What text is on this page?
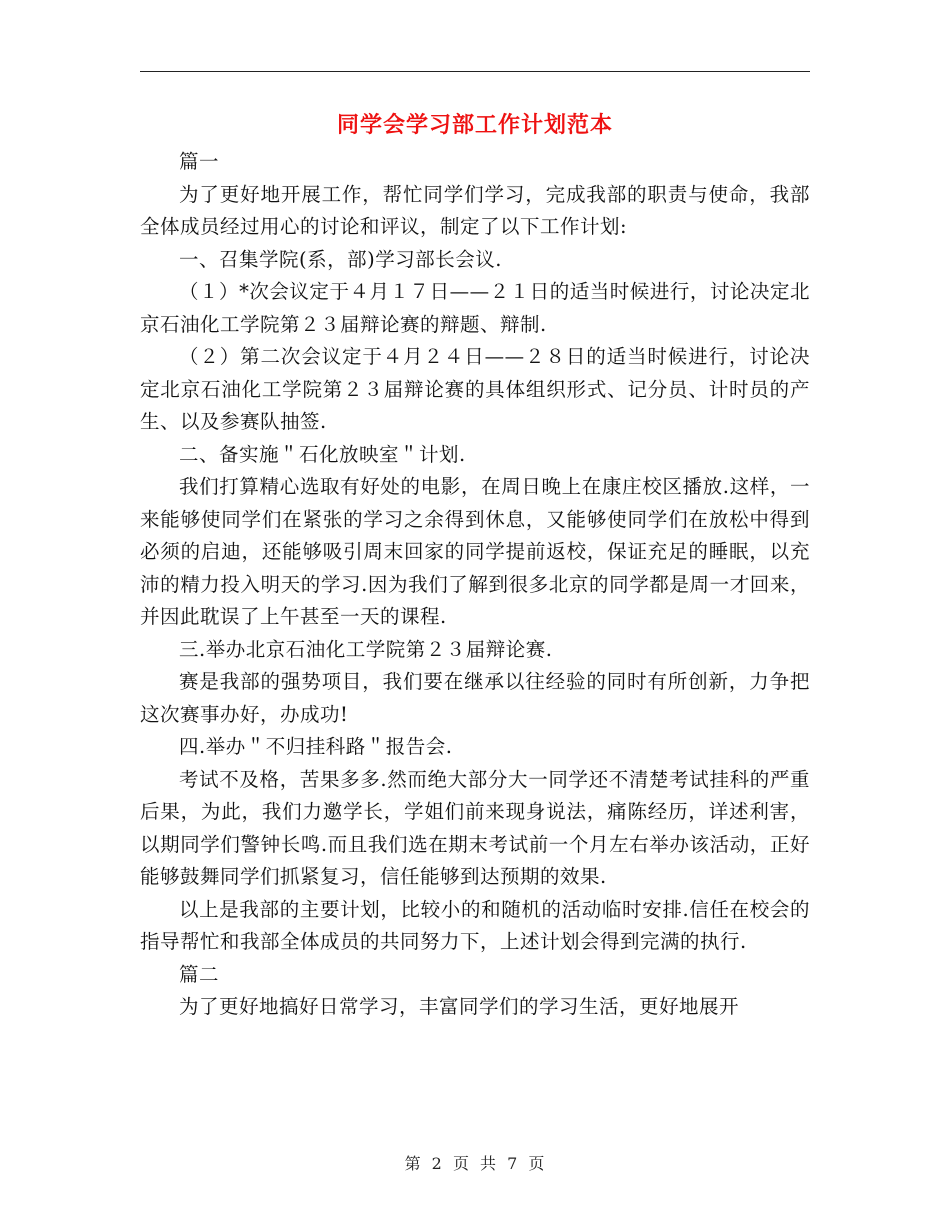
同学会学习部工作计划范本

篇一

为了更好地开展工作，帮忙同学们学习，完成我部的职责与使命，我部全体成员经过用心的讨论和评议，制定了以下工作计划:

一、召集学院(系，部)学习部长会议.

（１）*次会议定于４月１７日——２１日的适当时候进行，讨论决定北京石油化工学院第２３届辩论赛的辩题、辩制.

（２）第二次会议定于４月２４日——２８日的适当时候进行，讨论决定北京石油化工学院第２３届辩论赛的具体组织形式、记分员、计时员的产生、以及参赛队抽签.

二、备实施＂石化放映室＂计划.

我们打算精心选取有好处的电影，在周日晚上在康庄校区播放.这样，一来能够使同学们在紧张的学习之余得到休息，又能够使同学们在放松中得到必须的启迪，还能够吸引周末回家的同学提前返校，保证充足的睡眠，以充沛的精力投入明天的学习.因为我们了解到很多北京的同学都是周一才回来，并因此耽误了上午甚至一天的课程.

三.举办北京石油化工学院第２３届辩论赛.

赛是我部的强势项目，我们要在继承以往经验的同时有所创新，力争把这次赛事办好，办成功!

四.举办＂不归挂科路＂报告会.

考试不及格，苦果多多.然而绝大部分大一同学还不清楚考试挂科的严重后果，为此，我们力邀学长，学姐们前来现身说法，痛陈经历，详述利害，以期同学们警钟长鸣.而且我们选在期末考试前一个月左右举办该活动，正好能够鼓舞同学们抓紧复习，信任能够到达预期的效果.

以上是我部的主要计划，比较小的和随机的活动临时安排.信任在校会的指导帮忙和我部全体成员的共同努力下，上述计划会得到完满的执行.

篇二

为了更好地搞好日常学习，丰富同学们的学习生活，更好地展开

第 2 页 共 7 页
